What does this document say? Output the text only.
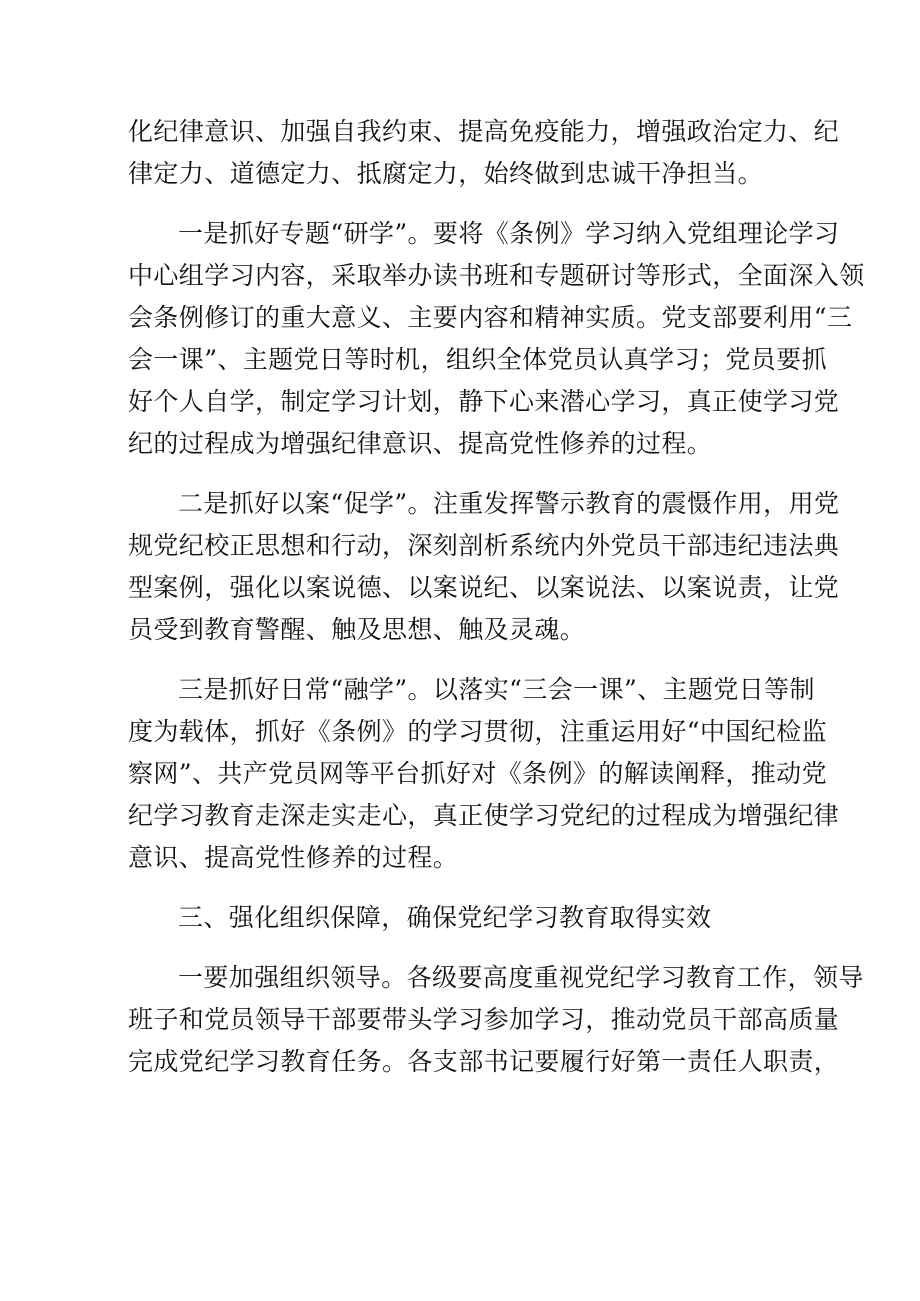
化纪律意识、加强自我约束、提高免疫能力，增强政治定力、纪
律定力、道德定力、抵腐定力，始终做到忠诚干净担当。

一是抓好专题“研学”。要将《条例》学习纳入党组理论学习
中心组学习内容，采取举办读书班和专题研讨等形式，全面深入领
会条例修订的重大意义、主要内容和精神实质。党支部要利用“三
会一课”、主题党日等时机，组织全体党员认真学习；党员要抓
好个人自学，制定学习计划，静下心来潜心学习，真正使学习党
纪的过程成为增强纪律意识、提高党性修养的过程。

二是抓好以案“促学”。注重发挥警示教育的震慑作用，用党
规党纪校正思想和行动，深刻剖析系统内外党员干部违纪违法典
型案例，强化以案说德、以案说纪、以案说法、以案说责，让党
员受到教育警醒、触及思想、触及灵魂。

三是抓好日常“融学”。以落实“三会一课”、主题党日等制
度为载体，抓好《条例》的学习贯彻，注重运用好“中国纪检监
察网”、共产党员网等平台抓好对《条例》的解读阐释，推动党
纪学习教育走深走实走心，真正使学习党纪的过程成为增强纪律
意识、提高党性修养的过程。

三、强化组织保障，确保党纪学习教育取得实效

一要加强组织领导。各级要高度重视党纪学习教育工作，领导
班子和党员领导干部要带头学习参加学习，推动党员干部高质量
完成党纪学习教育任务。各支部书记要履行好第一责任人职责，
